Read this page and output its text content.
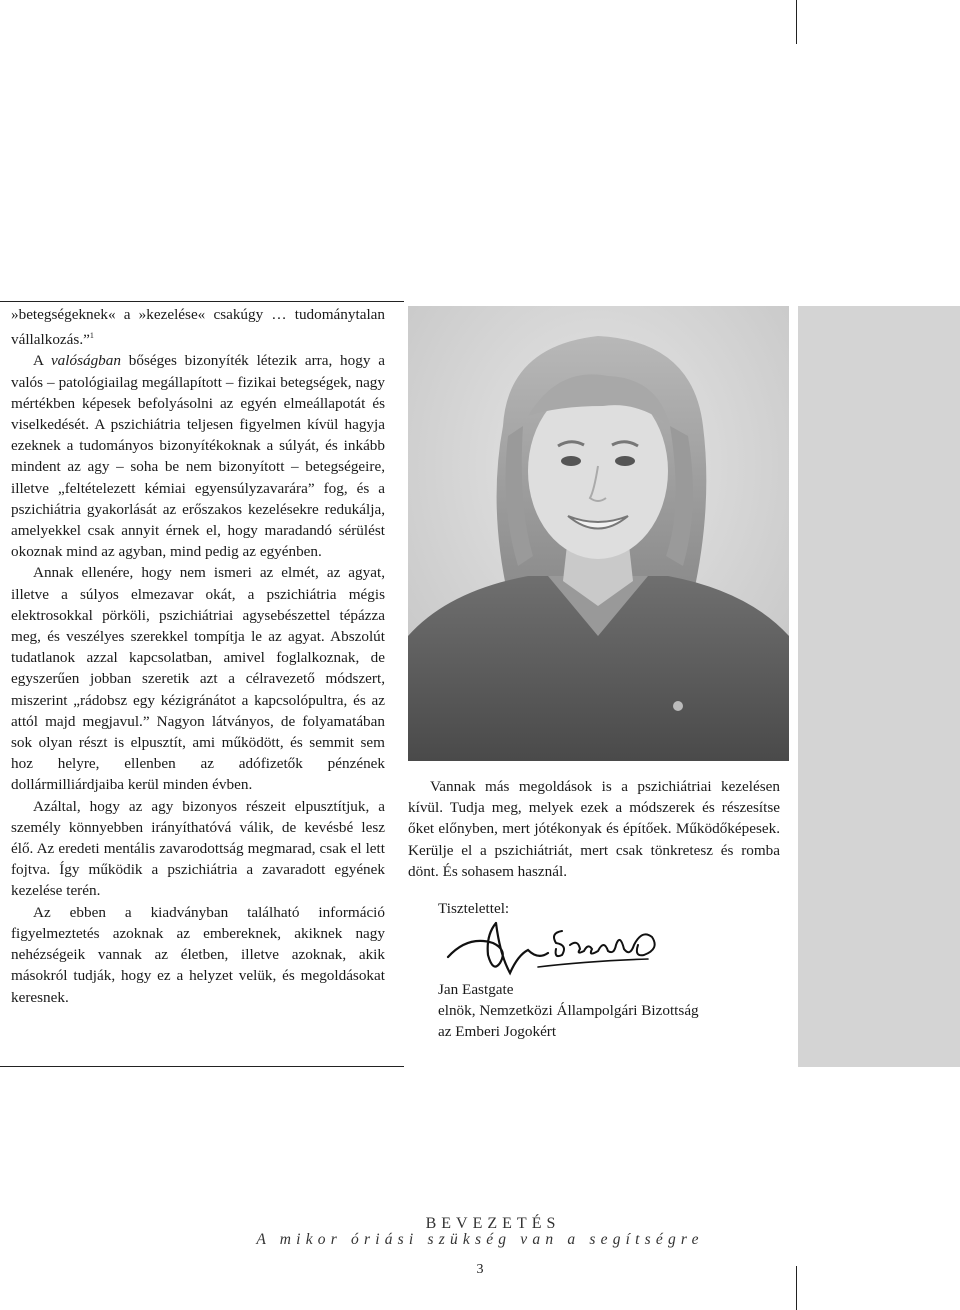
»betegségeknek« a »kezelése« csakúgy … tudománytalan vállalkozás.”$^1$

A valóságban bőséges bizonyíték létezik arra, hogy a valós – patológiailag megállapított – fizikai betegségek, nagy mértékben képesek befolyásolni az egyén elmeállapotát és viselkedését. A pszichiátria teljesen figyelmen kívül hagyja ezeknek a tudományos bizonyítékoknak a súlyát, és inkább mindent az agy – soha be nem bizonyított – betegségeire, illetve „feltételezett kémiai egyensúlyzavarára” fog, és a pszichiátria gyakorlását az erőszakos kezelésekre redukálja, amelyekkel csak annyit érnek el, hogy maradandó sérülést okoznak mind az agyban, mind pedig az egyénben.

Annak ellenére, hogy nem ismeri az elmét, az agyat, illetve a súlyos elmezavar okát, a pszichiátria mégis elektrosokkal pörköli, pszichiátriai agysebészettel tépázza meg, és veszélyes szerekkel tompítja le az agyat. Abszolút tudatlanok azzal kapcsolatban, amivel foglalkoznak, de egyszerűen jobban szeretik azt a célravezető módszert, miszerint „rádobsz egy kézigránátot a kapcsolópultra, és az attól majd megjavul.” Nagyon látványos, de folyamatában sok olyan részt is elpusztít, ami működött, és semmit sem hoz helyre, ellenben az adófizetők pénzének dollármilliárdjaiba kerül minden évben.

Azáltal, hogy az agy bizonyos részeit elpusztítjuk, a személy könnyebben irányíthatóvá válik, de kevésbé lesz élő. Az eredeti mentális zavarodottság megmarad, csak el lett fojtva. Így működik a pszichiátria a zavaradott egyének kezelése terén.

Az ebben a kiadványban található információ figyelmeztetés azoknak az embereknek, akiknek nagy nehézségeik vannak az életben, illetve azoknak, akik másokról tudják, hogy ez a helyzet velük, és megoldásokat keresnek.

Vannak más megoldások is a pszichiátriai kezelésen kívül. Tudja meg, melyek ezek a módszerek és részesítse őket előnyben, mert jótékonyak és építőek. Működőképesek. Kerülje el a pszichiátriát, mert csak tönkretesz és romba dönt. És sohasem használ.

Tisztelettel:
Jan Eastgate
elnök, Nemzetközi Állampolgári Bizottság
az Emberi Jogokért
BEVEZETÉS
A mikor óriási szükség van a segítségre
3
